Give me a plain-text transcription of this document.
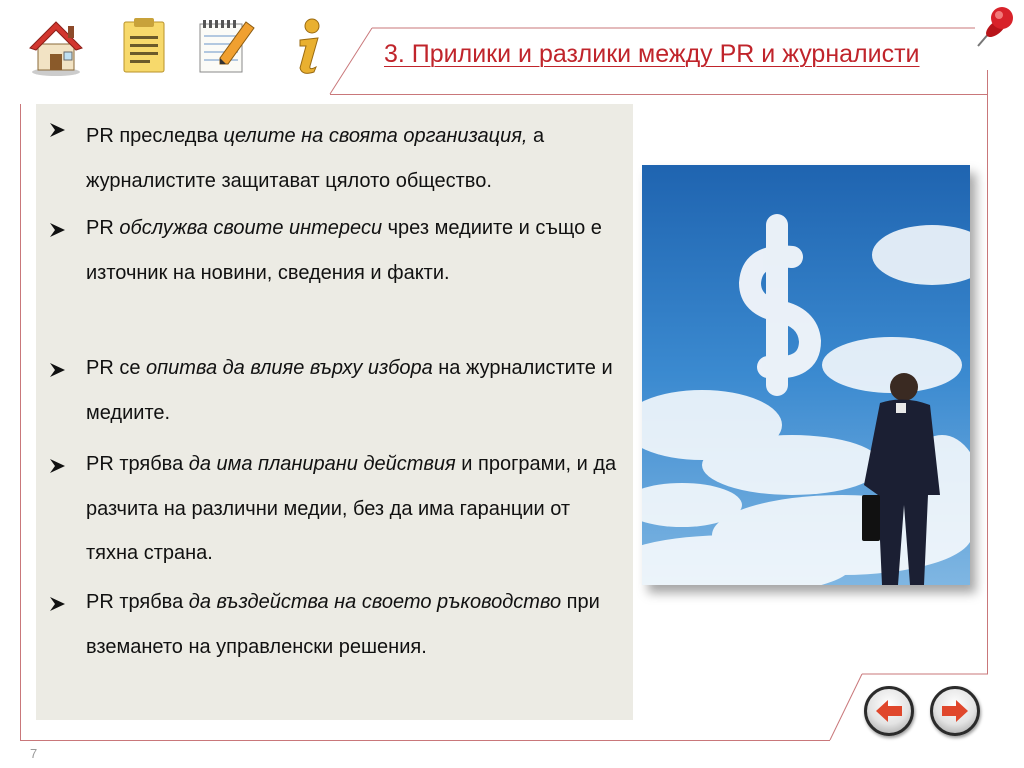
3. Прилики и разлики между PR и журналисти
PR преследва целите на своята организация, а журналистите защитават цялото общество.
PR обслужва своите интереси чрез медиите и също е източник на новини, сведения и факти.
PR се опитва да влияе върху избора на журналистите и медиите.
PR трябва да има планирани действия и програми, и да разчита на различни медии, без да има гаранции от тяхна страна.
PR трябва да въздейства на своето ръководство при вземането на управленски решения.
7
